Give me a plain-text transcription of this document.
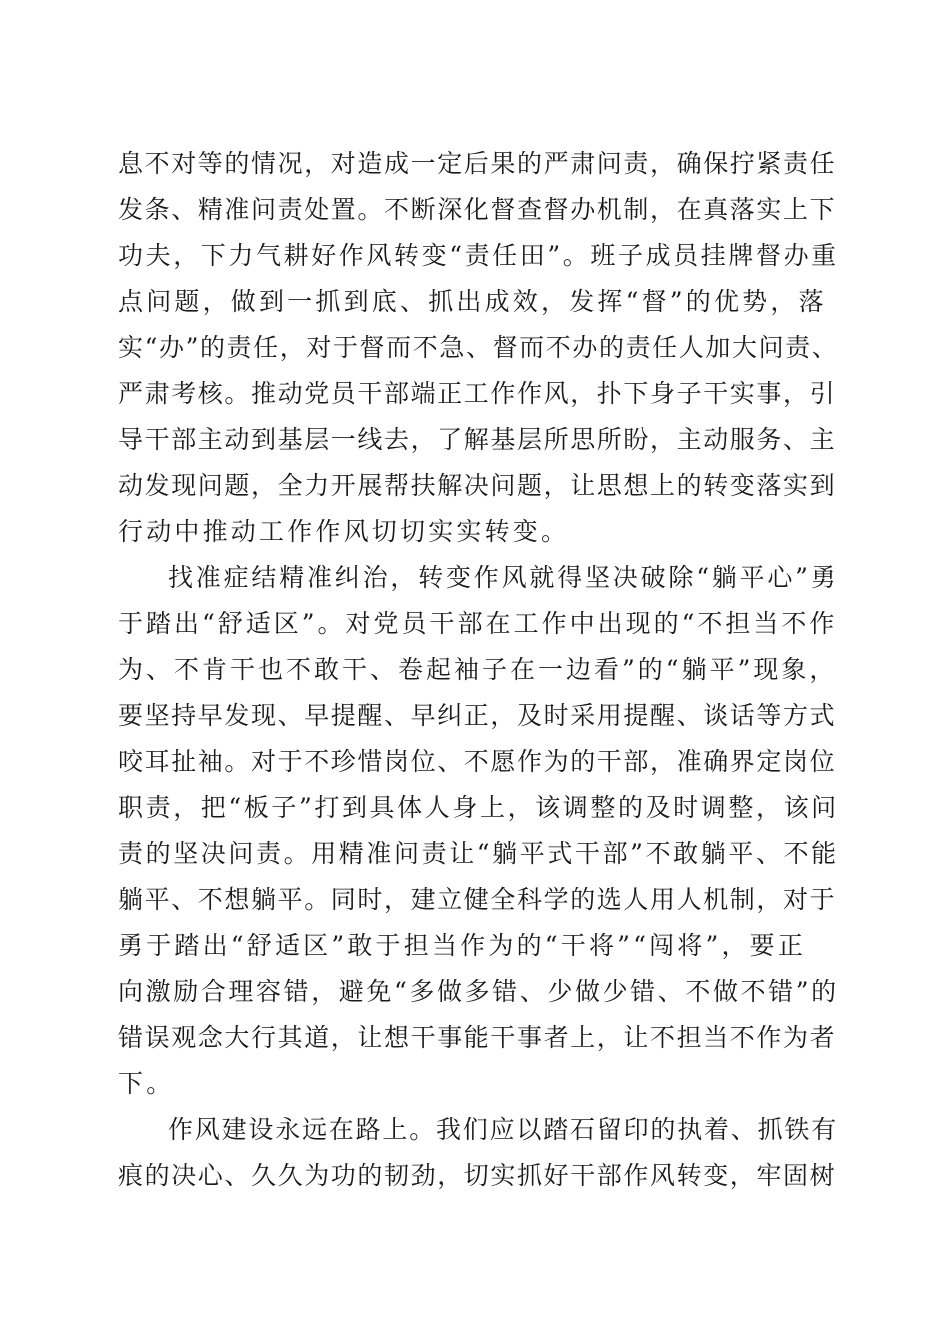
息不对等的情况，对造成一定后果的严肃问责，确保拧紧责任
发条、精准问责处置。不断深化督查督办机制，在真落实上下
功夫，下力气耕好作风转变“责任田”。班子成员挂牌督办重
点问题，做到一抓到底、抓出成效，发挥“督”的优势，落
实“办”的责任，对于督而不急、督而不办的责任人加大问责、
严肃考核。推动党员干部端正工作作风，扑下身子干实事，引
导干部主动到基层一线去，了解基层所思所盼，主动服务、主
动发现问题，全力开展帮扶解决问题，让思想上的转变落实到
行动中推动工作作风切切实实转变。
找准症结精准纠治，转变作风就得坚决破除“躺平心”勇
于踏出“舒适区”。对党员干部在工作中出现的“不担当不作
为、不肯干也不敢干、卷起袖子在一边看”的“躺平”现象，
要坚持早发现、早提醒、早纠正，及时采用提醒、谈话等方式
咬耳扯袖。对于不珍惜岗位、不愿作为的干部，准确界定岗位
职责，把“板子”打到具体人身上，该调整的及时调整，该问
责的坚决问责。用精准问责让“躺平式干部”不敢躺平、不能
躺平、不想躺平。同时，建立健全科学的选人用人机制，对于
勇于踏出“舒适区”敢于担当作为的“干将”“闯将”，要正
向激励合理容错，避免“多做多错、少做少错、不做不错”的
错误观念大行其道，让想干事能干事者上，让不担当不作为者
下。
作风建设永远在路上。我们应以踏石留印的执着、抓铁有
痕的决心、久久为功的韧劲，切实抓好干部作风转变，牢固树
